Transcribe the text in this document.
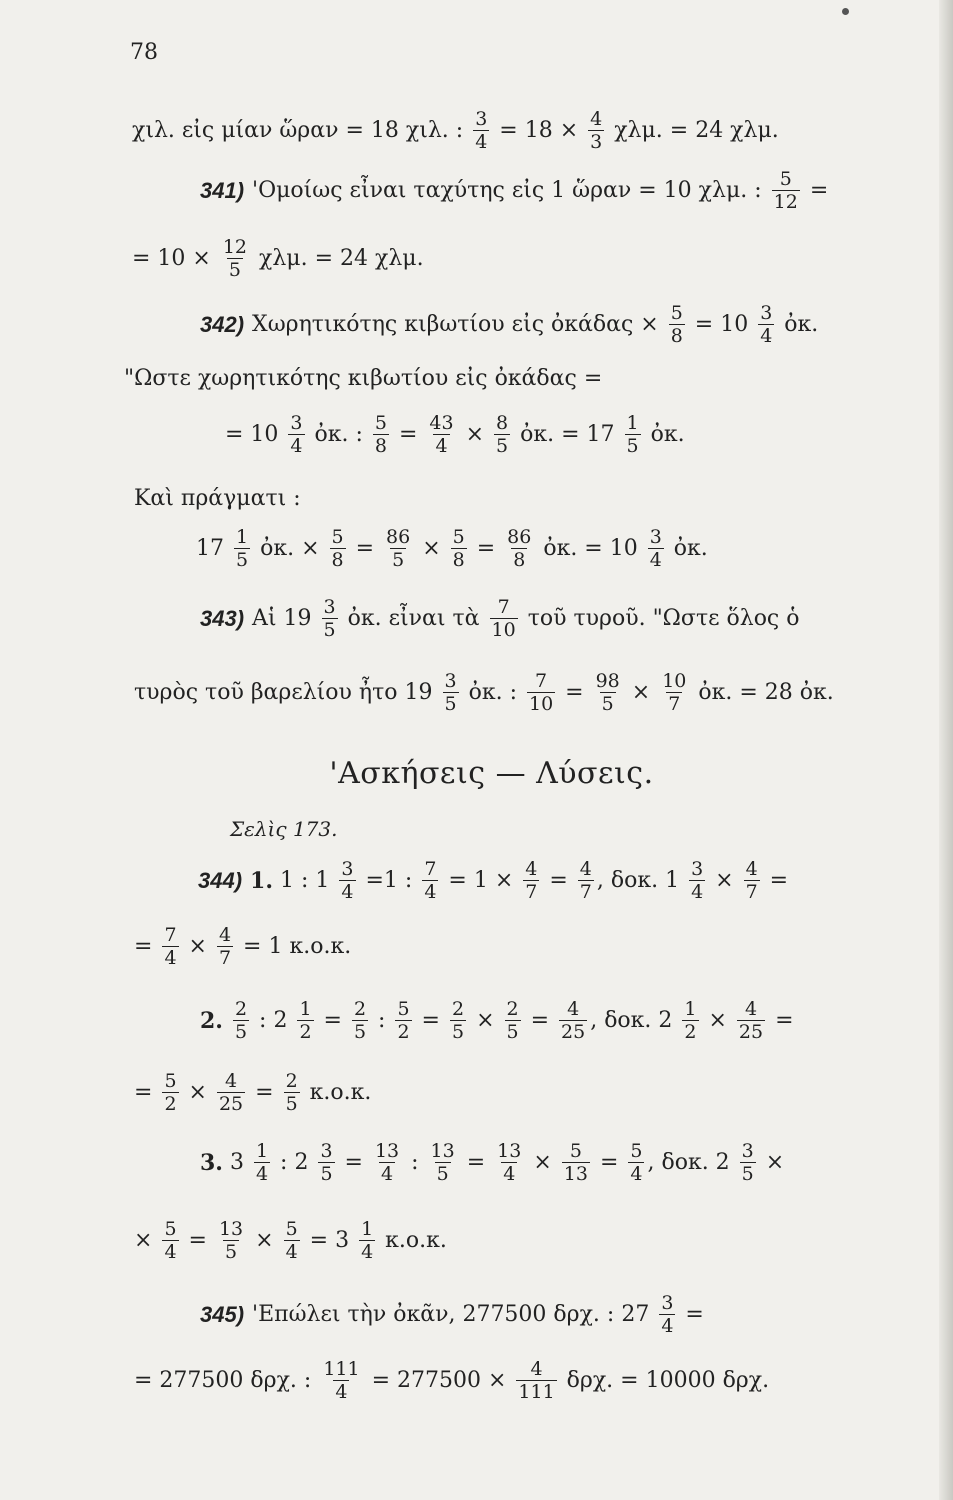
78
χιλ. εἰς μίαν ὥραν = 18 χιλ. : $\frac{3}{4} = 18 \times \frac{4}{3} \chi\lambda\mu$. = 24 χλμ.
341) 'Ομοίως εἶναι ταχύτης εἰς 1 ὥραν = 10 χλμ. : $\frac{5}{12}$ =
= $10 \times \frac{12}{5} \chi\lambda\mu$. = 24 χλμ.
342) Χωρητικότης κιβωτίου εἰς ὀκάδας × $\frac{5}{8} = 10 \frac{3}{4}$ ὀκ.
"Ωστε χωρητικότης κιβωτίου εἰς ὀκάδας =
= $10 \frac{3}{4}$ ὀκ. : $\frac{5}{8} = \frac{43}{4} \times \frac{8}{5}$ ὀκ. = $17 \frac{1}{5}$ ὀκ.
Καὶ πράγματι :
$17 \frac{1}{5}$ ὀκ. × $\frac{5}{8} = \frac{86}{5} \times \frac{5}{8} = \frac{86}{8}$ ὀκ. = $10 \frac{3}{4}$ ὀκ.
343) Αἱ $19 \frac{3}{5}$ ὀκ. εἶναι τὰ $\frac{7}{10}$ τοῦ τυροῦ. "Ωστε ὅλος ὁ
τυρὸς τοῦ βαρελίου ἦτο $19 \frac{3}{5}$ ὀκ. : $\frac{7}{10} = \frac{98}{5} \times \frac{10}{7}$ ὀκ. = 28 ὀκ.
'Ασκήσεις — Λύσεις.
Σελὶς 173.
344) 1. 1 : $1 \frac{3}{4} =1$ : $\frac{7}{4} = 1 \times \frac{4}{7} = \frac{4}{7}$ , δοκ. $1 \frac{3}{4} \times \frac{4}{7}$ =
= $\frac{7}{4} \times \frac{4}{7} = 1$ κ.ο.κ.
2.
$\frac{2}{5}$ : $2 \frac{1}{2} = \frac{2}{5}$ : $\frac{5}{2} = \frac{2}{5} \times \frac{2}{5} = \frac{4}{25}$ , δοκ. $2 \frac{1}{2} \times \frac{4}{25}$ =
= $\frac{5}{2} \times \frac{4}{25} = \frac{2}{5} \kappa.o.\kappa$.
3. $3 \frac{1}{4}$ : $2 \frac{3}{5} = \frac{13}{4}$ : $\frac{13}{5} = \frac{13}{4} \times \frac{5}{13} = \frac{5}{4}$ , δοκ. $2 \frac{3}{5}$ ×
× $\frac{5}{4} = \frac{13}{5} \times \frac{5}{4} = 3 \frac{1}{4} \kappa.o.\kappa$.
345) 'Επώλει τὴν ὀκᾶν, 277500 δρχ. : $27 \frac{3}{4}$ =
= 277500 δρχ. : $\frac{111}{4} = 277500 \times \frac{4}{111} \delta\rho\chi$. = 10000 δρχ.
